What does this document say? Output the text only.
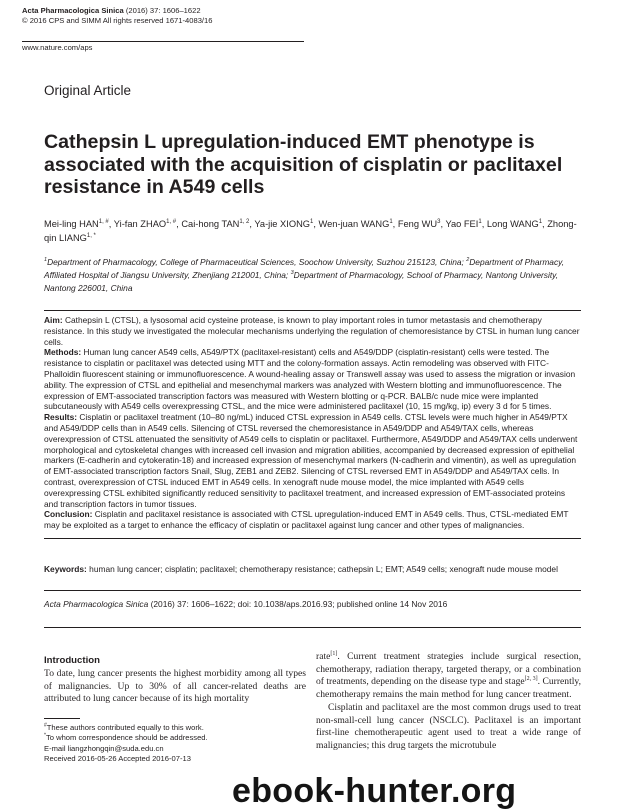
Acta Pharmacologica Sinica (2016) 37: 1606–1622
© 2016 CPS and SIMM All rights reserved 1671-4083/16
www.nature.com/aps
Original Article
Cathepsin L upregulation-induced EMT phenotype is associated with the acquisition of cisplatin or paclitaxel resistance in A549 cells
Mei-ling $HAN^{1, \#}$, Yi-fan $ZHAO^{1, \#}$, Cai-hong TAN$^{1, 2}$, Ya-jie XIONG$^1$, Wen-juan WANG$^1$, Feng $WU^3$, Yao FEI$^1$, Long WANG$^1$, Zhong-qin $LIANG^{1, *}$
$^1$Department of Pharmacology, College of Pharmaceutical Sciences, Soochow University, Suzhou 215123, China; $^2$Department of Pharmacy, Affiliated Hospital of Jiangsu University, Zhenjiang 212001, China; $^3$Department of Pharmacology, School of Pharmacy, Nantong University, Nantong 226001, China

Aim: Cathepsin L (CTSL), a lysosomal acid cysteine protease, is known to play important roles in tumor metastasis and chemotherapy resistance. In this study we investigated the molecular mechanisms underlying the regulation of chemoresistance by CTSL in human lung cancer cells.

Methods: Human lung cancer A549 cells, A549/PTX (paclitaxel-resistant) cells and A549/DDP (cisplatin-resistant) cells were tested. The resistance to cisplatin or paclitaxel was detected using MTT and the colony-formation assays. Actin remodeling was observed with FITC-Phalloidin fluorescent staining or immunofluorescence. A wound-healing assay or Transwell assay was used to assess the migration or invasion ability. The expression of CTSL and epithelial and mesenchymal markers was analyzed with Western blotting and immunofluorescence. The expression of EMT-associated transcription factors was measured with Western blotting or q-PCR. BALB/c nude mice were implanted subcutaneously with A549 cells overexpressing CTSL, and the mice were administered paclitaxel (10, 15 mg/kg, ip) every 3 d for 5 times.

Results: Cisplatin or paclitaxel treatment (10–80 ng/mL) induced CTSL expression in A549 cells. CTSL levels were much higher in A549/PTX and A549/DDP cells than in A549 cells. Silencing of CTSL reversed the chemoresistance in A549/DDP and A549/TAX cells, whereas overexpression of CTSL attenuated the sensitivity of A549 cells to cisplatin or paclitaxel. Furthermore, A549/DDP and A549/TAX cells underwent morphological and cytoskeletal changes with increased cell invasion and migration abilities, accompanied by decreased expression of epithelial markers (E-cadherin and cytokeratin-18) and increased expression of mesenchymal markers (N-cadherin and vimentin), as well as upregulation of EMT-associated transcription factors Snail, Slug, ZEB1 and ZEB2. Silencing of CTSL reversed EMT in A549/DDP and A549/TAX cells. In contrast, overexpression of CTSL induced EMT in A549 cells. In xenograft nude mouse model, the mice implanted with A549 cells overexpressing CTSL exhibited significantly reduced sensitivity to paclitaxel treatment, and increased expression of EMT-associated proteins and transcription factors in tumor tissues.

Conclusion: Cisplatin and paclitaxel resistance is associated with CTSL upregulation-induced EMT in A549 cells. Thus, CTSL-mediated EMT may be exploited as a target to enhance the efficacy of cisplatin or paclitaxel against lung cancer and other types of malignancies.

Keywords: human lung cancer; cisplatin; paclitaxel; chemotherapy resistance; cathepsin L; EMT; A549 cells; xenograft nude mouse model
Acta Pharmacologica Sinica (2016) 37: 1606–1622; doi: 10.1038/aps.2016.93; published online 14 Nov 2016
Introduction

To date, lung cancer presents the highest morbidity among all types of malignancies. Up to 30% of all cancer-related deaths are attributed to lung cancer because of its high mortality

#These authors contributed equally to this work.

*To whom correspondence should be addressed.

E-mail liangzhongqin@suda.edu.cn

Received 2016-05-26 Accepted 2016-07-13

rate[1]. Current treatment strategies include surgical resection, chemotherapy, radiation therapy, targeted therapy, or a combination of treatments, depending on the disease type and stage[2, 3]. Currently, chemotherapy remains the main method for lung cancer treatment.

Cisplatin and paclitaxel are the most common drugs used to treat non-small-cell lung cancer (NSCLC). Paclitaxel is an important first-line chemotherapeutic agent used to treat a wide range of malignancies; this drug targets the microtubule

ebook-hunter.org
